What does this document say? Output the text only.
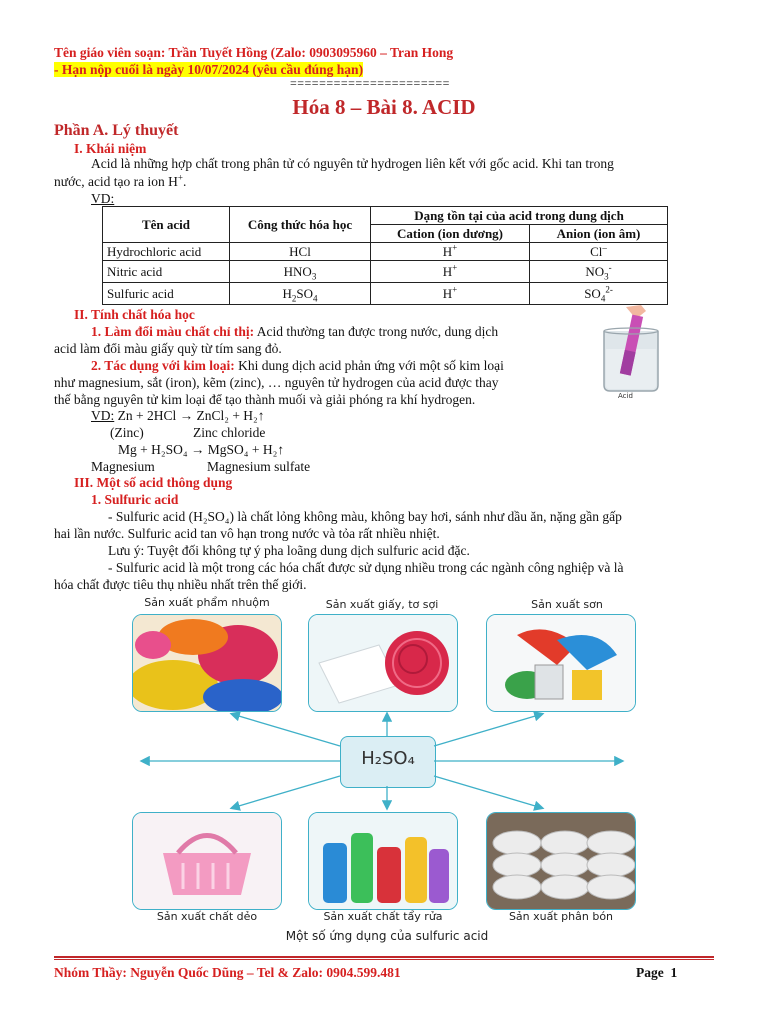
Tên giáo viên soạn: Trần Tuyết Hồng (Zalo: 0903095960 – Tran Hong
- Hạn nộp cuối là ngày 10/07/2024 (yêu cầu đúng hạn)
======================
Hóa 8 – Bài 8. ACID
Phần A. Lý thuyết
I. Khái niệm
Acid là những hợp chất trong phân tử có nguyên tử hydrogen liên kết với gốc acid. Khi tan trong
nước, acid tạo ra ion H+.
VD:
Tên acid	Công thức hóa học	Dạng tồn tại của acid trong dung dịch	
		Cation (ion dương)	Anion (ion âm)
Hydrochloric acid	HCl	H+	Cl–
Nitric acid	$HNO_3$	H+	$NO_3^-$
Sulfuric acid	$H_2SO_4$	H+	$SO_4^{2-}$
II. Tính chất hóa học
1. Làm đổi màu chất chỉ thị: Acid thường tan được trong nước, dung dịch
acid làm đổi màu giấy quỳ từ tím sang đỏ.
2. Tác dụng với kim loại: Khi dung dịch acid phản ứng với một số kim loại
như magnesium, sắt (iron), kẽm (zinc), … nguyên tử hydrogen của acid được thay
thế bằng nguyên tử kim loại để tạo thành muối và giải phóng ra khí hydrogen.
VD: Zn + 2HCl → ZnCl₂ + H₂↑
(Zinc)	Zinc chloride
Mg + H₂SO₄ → MgSO₄ + H₂↑
Magnesium	Magnesium sulfate
Acid
III. Một số acid thông dụng
1. Sulfuric acid
- Sulfuric acid (H₂SO₄) là chất lỏng không màu, không bay hơi, sánh như dầu ăn, nặng gần gấp
hai lần nước. Sulfuric acid tan vô hạn trong nước và tỏa rất nhiều nhiệt.
Lưu ý: Tuyệt đối không tự ý pha loãng dung dịch sulfuric acid đặc.
- Sulfuric acid là một trong các hóa chất được sử dụng nhiều trong các ngành công nghiệp và là
hóa chất được tiêu thụ nhiều nhất trên thế giới.
Sản xuất phẩm nhuộm	Sản xuất giấy, tơ sợi	Sản xuất sơn
H₂SO₄
Sản xuất chất dẻo	Sản xuất chất tẩy rửa	Sản xuất phân bón
Một số ứng dụng của sulfuric acid
Nhóm Thầy: Nguyễn Quốc Dũng – Tel & Zalo: 0904.599.481	Page 1
